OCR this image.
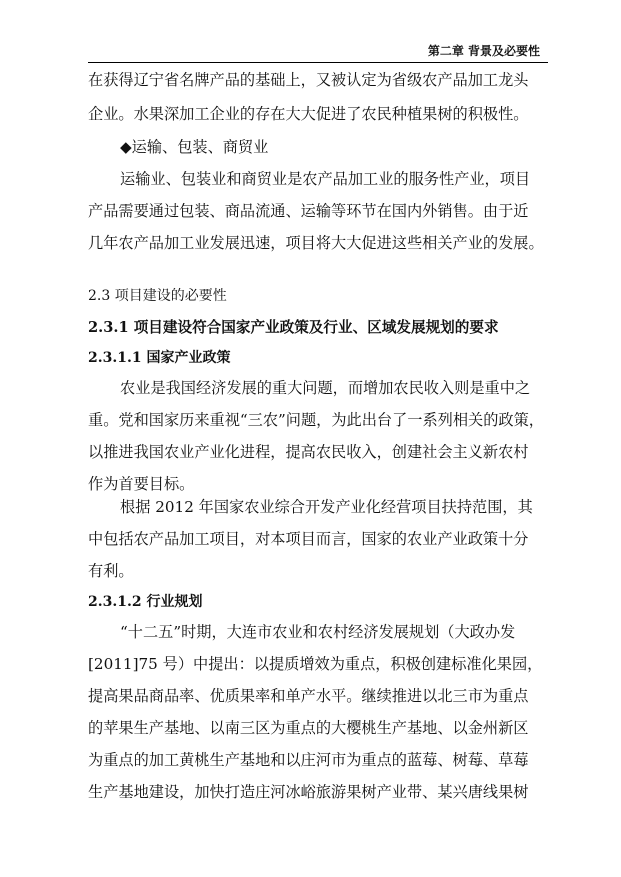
第二章 背景及必要性
在获得辽宁省名牌产品的基础上，又被认定为省级农产品加工龙头
企业。水果深加工企业的存在大大促进了农民种植果树的积极性。
◆运输、包装、商贸业
运输业、包装业和商贸业是农产品加工业的服务性产业，项目
产品需要通过包装、商品流通、运输等环节在国内外销售。由于近
几年农产品加工业发展迅速，项目将大大促进这些相关产业的发展。
2.3 项目建设的必要性
2.3.1 项目建设符合国家产业政策及行业、区域发展规划的要求
2.3.1.1 国家产业政策
农业是我国经济发展的重大问题，而增加农民收入则是重中之
重。党和国家历来重视“三农”问题，为此出台了一系列相关的政策，
以推进我国农业产业化进程，提高农民收入，创建社会主义新农村
作为首要目标。
根据 2012 年国家农业综合开发产业化经营项目扶持范围，其
中包括农产品加工项目，对本项目而言，国家的农业产业政策十分
有利。
2.3.1.2 行业规划
“十二五”时期，大连市农业和农村经济发展规划（大政办发
[2011]75 号）中提出：以提质增效为重点，积极创建标准化果园，
提高果品商品率、优质果率和单产水平。继续推进以北三市为重点
的苹果生产基地、以南三区为重点的大樱桃生产基地、以金州新区
为重点的加工黄桃生产基地和以庄河市为重点的蓝莓、树莓、草莓
生产基地建设，加快打造庄河冰峪旅游果树产业带、某兴唐线果树
